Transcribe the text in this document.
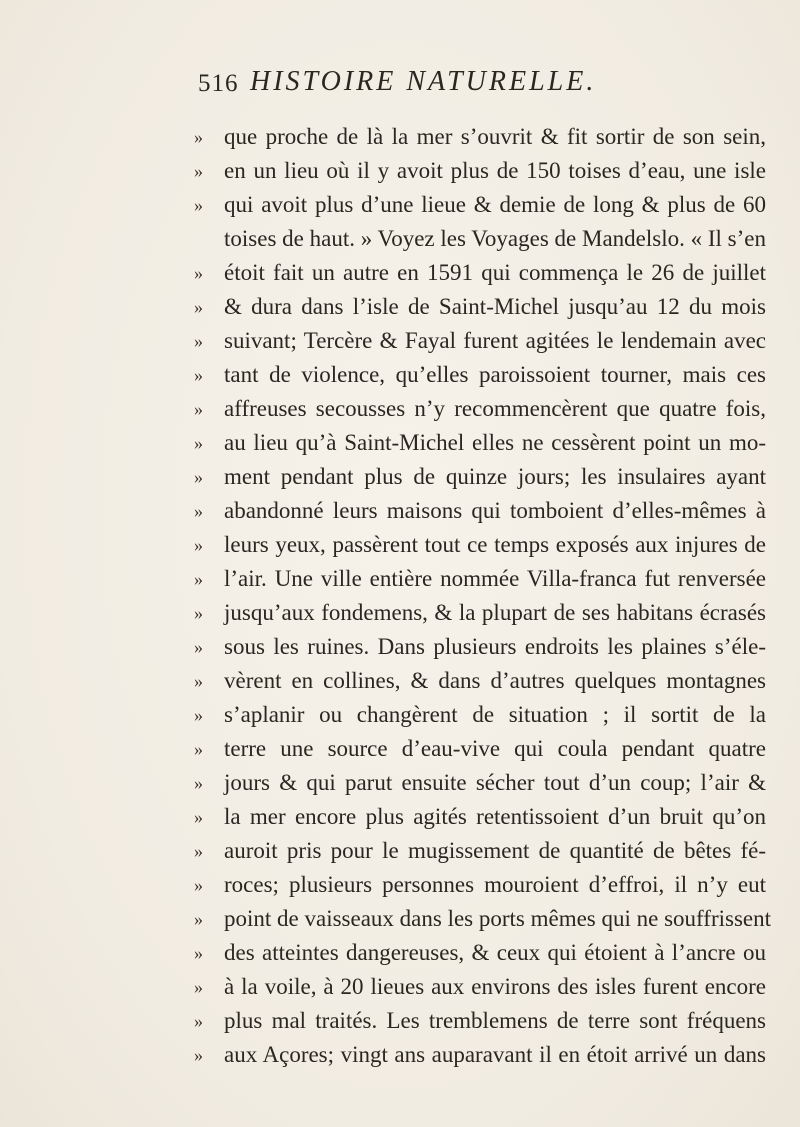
516 HISTOIRE NATURELLE.
» que proche de là la mer s’ouvrit & fit sortir de son sein,
» en un lieu où il y avoit plus de 150 toises d’eau, une isle
» qui avoit plus d’une lieue & demie de long & plus de 60
toises de haut. » Voyez les Voyages de Mandelslo. « Il s’en
» étoit fait un autre en 1591 qui commença le 26 de juillet
» & dura dans l’isle de Saint-Michel jusqu’au 12 du mois
» suivant; Tercère & Fayal furent agitées le lendemain avec
» tant de violence, qu’elles paroissoient tourner, mais ces
» affreuses secousses n’y recommencèrent que quatre fois,
» au lieu qu’à Saint-Michel elles ne cessèrent point un mo-
» ment pendant plus de quinze jours; les insulaires ayant
» abandonné leurs maisons qui tomboient d’elles-mêmes à
» leurs yeux, passèrent tout ce temps exposés aux injures de
» l’air. Une ville entière nommée Villa-franca fut renversée
» jusqu’aux fondemens, & la plupart de ses habitans écrasés
» sous les ruines. Dans plusieurs endroits les plaines s’éle-
» vèrent en collines, & dans d’autres quelques montagnes
» s’aplanir ou changèrent de situation ; il sortit de la
» terre une source d’eau-vive qui coula pendant quatre
» jours & qui parut ensuite sécher tout d’un coup; l’air &
» la mer encore plus agités retentissoient d’un bruit qu’on
» auroit pris pour le mugissement de quantité de bêtes fé-
» roces; plusieurs personnes mouroient d’effroi, il n’y eut
» point de vaisseaux dans les ports mêmes qui ne souffrissent
» des atteintes dangereuses, & ceux qui étoient à l’ancre ou
» à la voile, à 20 lieues aux environs des isles furent encore
» plus mal traités. Les tremblemens de terre sont fréquens
» aux Açores; vingt ans auparavant il en étoit arrivé un dans
